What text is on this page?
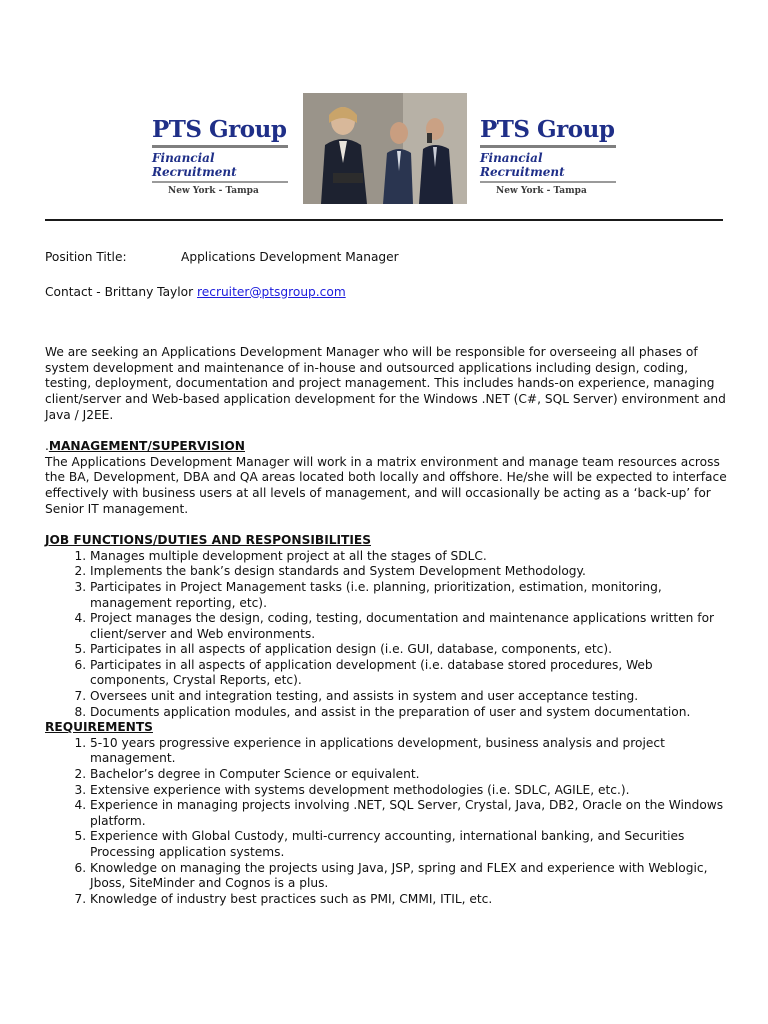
PTS Group
Financial Recruitment
New York - Tampa
PTS Group
Financial Recruitment
New York - Tampa
Position Title:	Applications Development Manager

Contact - Brittany Taylor recruiter@ptsgroup.com

We are seeking an Applications Development Manager who will be responsible for overseeing all phases of system development and maintenance of in-house and outsourced applications including design, coding, testing, deployment, documentation and project management. This includes hands-on experience, managing client/server and Web-based application development for the Windows .NET (C#, SQL Server) environment and Java / J2EE.

.MANAGEMENT/SUPERVISION

The Applications Development Manager will work in a matrix environment and manage team resources across the BA, Development, DBA and QA areas located both locally and offshore. He/she will be expected to interface effectively with business users at all levels of management, and will occasionally be acting as a ‘back-up’ for Senior IT management.

JOB FUNCTIONS/DUTIES AND RESPONSIBILITIES

1. Manages multiple development project at all the stages of SDLC.
2. Implements the bank’s design standards and System Development Methodology.
3. Participates in Project Management tasks (i.e. planning, prioritization, estimation, monitoring, management reporting, etc).
4. Project manages the design, coding, testing, documentation and maintenance applications written for client/server and Web environments.
5. Participates in all aspects of application design (i.e. GUI, database, components, etc).
6. Participates in all aspects of application development (i.e. database stored procedures, Web components, Crystal Reports, etc).
7. Oversees unit and integration testing, and assists in system and user acceptance testing.
8. Documents application modules, and assist in the preparation of user and system documentation.

REQUIREMENTS

1. 5-10 years progressive experience in applications development, business analysis and project management.
2. Bachelor’s degree in Computer Science or equivalent.
3. Extensive experience with systems development methodologies (i.e. SDLC, AGILE, etc.).
4. Experience in managing projects involving .NET, SQL Server, Crystal, Java, DB2, Oracle on the Windows platform.
5. Experience with Global Custody, multi-currency accounting, international banking, and Securities Processing application systems.
6. Knowledge on managing the projects using Java, JSP, spring and FLEX and experience with Weblogic, Jboss, SiteMinder and Cognos is a plus.
7. Knowledge of industry best practices such as PMI, CMMI, ITIL, etc.
